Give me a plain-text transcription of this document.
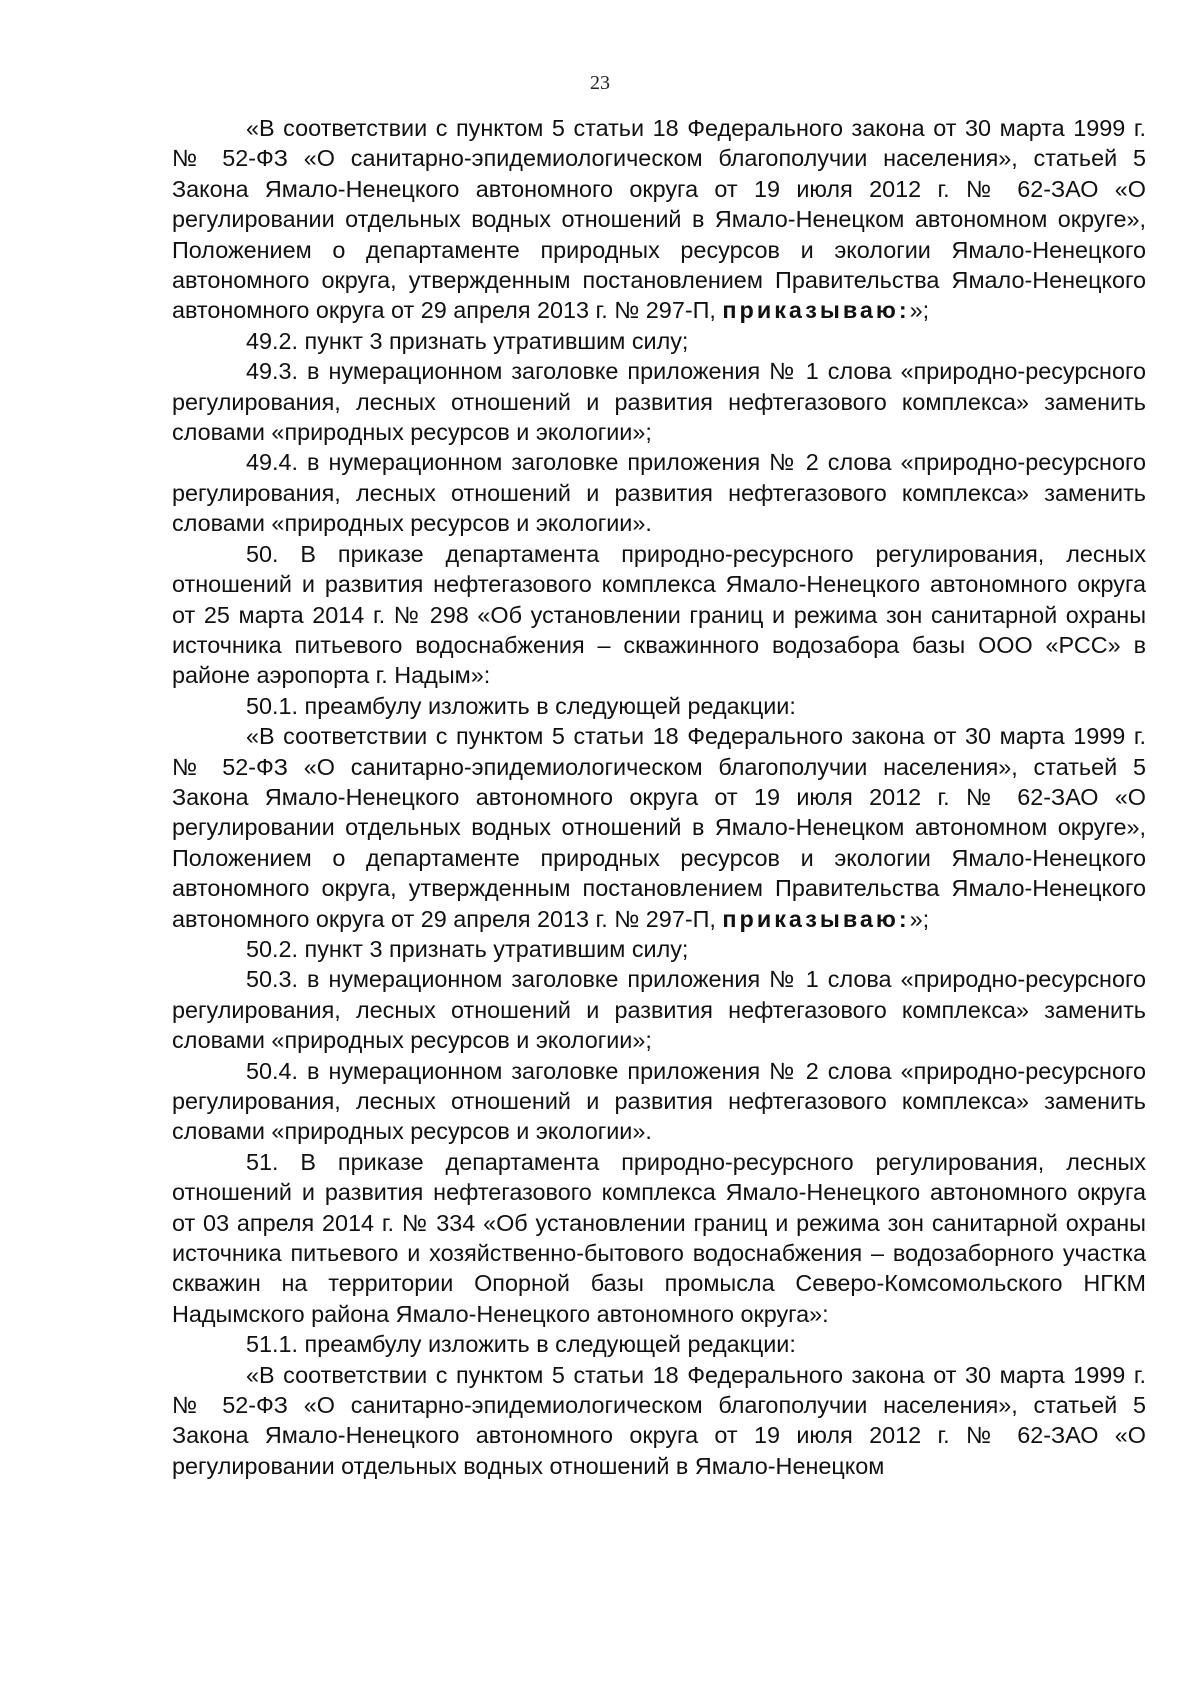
23

«В соответствии с пунктом 5 статьи 18 Федерального закона от 30 марта 1999 г. № 52-ФЗ «О санитарно-эпидемиологическом благополучии населения», статьей 5 Закона Ямало-Ненецкого автономного округа от 19 июля 2012 г. № 62-ЗАО «О регулировании отдельных водных отношений в Ямало-Ненецком автономном округе», Положением о департаменте природных ресурсов и экологии Ямало-Ненецкого автономного округа, утвержденным постановлением Правительства Ямало-Ненецкого автономного округа от 29 апреля 2013 г. № 297-П, приказываю:»;

49.2. пункт 3 признать утратившим силу;

49.3. в нумерационном заголовке приложения № 1 слова «природно-ресурсного регулирования, лесных отношений и развития нефтегазового комплекса» заменить словами «природных ресурсов и экологии»;

49.4. в нумерационном заголовке приложения № 2 слова «природно-ресурсного регулирования, лесных отношений и развития нефтегазового комплекса» заменить словами «природных ресурсов и экологии».

50. В приказе департамента природно-ресурсного регулирования, лесных отношений и развития нефтегазового комплекса Ямало-Ненецкого автономного округа от 25 марта 2014 г. № 298 «Об установлении границ и режима зон санитарной охраны источника питьевого водоснабжения – скважинного водозабора базы ООО «РСС» в районе аэропорта г. Надым»:

50.1. преамбулу изложить в следующей редакции:

«В соответствии с пунктом 5 статьи 18 Федерального закона от 30 марта 1999 г. № 52-ФЗ «О санитарно-эпидемиологическом благополучии населения», статьей 5 Закона Ямало-Ненецкого автономного округа от 19 июля 2012 г. № 62-ЗАО «О регулировании отдельных водных отношений в Ямало-Ненецком автономном округе», Положением о департаменте природных ресурсов и экологии Ямало-Ненецкого автономного округа, утвержденным постановлением Правительства Ямало-Ненецкого автономного округа от 29 апреля 2013 г. № 297-П, приказываю:»;

50.2. пункт 3 признать утратившим силу;

50.3. в нумерационном заголовке приложения № 1 слова «природно-ресурсного регулирования, лесных отношений и развития нефтегазового комплекса» заменить словами «природных ресурсов и экологии»;

50.4. в нумерационном заголовке приложения № 2 слова «природно-ресурсного регулирования, лесных отношений и развития нефтегазового комплекса» заменить словами «природных ресурсов и экологии».

51. В приказе департамента природно-ресурсного регулирования, лесных отношений и развития нефтегазового комплекса Ямало-Ненецкого автономного округа от 03 апреля 2014 г. № 334 «Об установлении границ и режима зон санитарной охраны источника питьевого и хозяйственно-бытового водоснабжения – водозаборного участка скважин на территории Опорной базы промысла Северо-Комсомольского НГКМ Надымского района Ямало-Ненецкого автономного округа»:

51.1. преамбулу изложить в следующей редакции:

«В соответствии с пунктом 5 статьи 18 Федерального закона от 30 марта 1999 г. № 52-ФЗ «О санитарно-эпидемиологическом благополучии населения», статьей 5 Закона Ямало-Ненецкого автономного округа от 19 июля 2012 г. № 62-ЗАО «О регулировании отдельных водных отношений в Ямало-Ненецком
